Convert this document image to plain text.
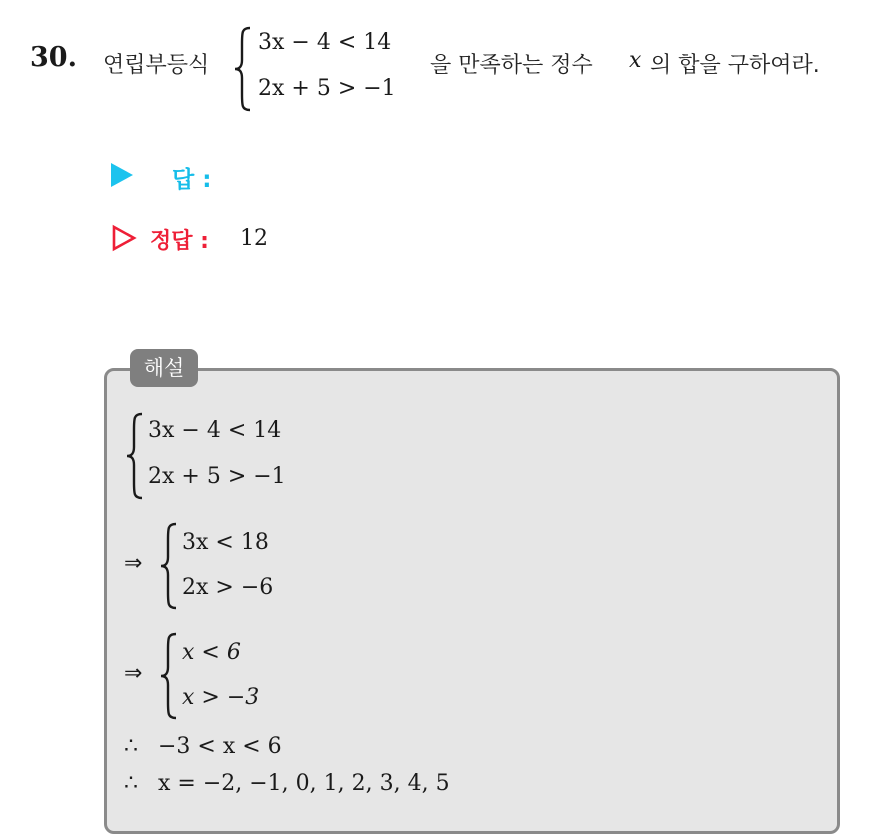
30. 연립부등식
3x − 4 < 14
2x + 5 > −1
을 만족하는 정수 x 의 합을 구하여라.
답 :
정답 : 12
해설
3x − 4 < 14
2x + 5 > −1
⇒
3x < 18
2x > −6
⇒
x < 6
x > −3
∴ −3 < x < 6
∴ x = −2, −1, 0, 1, 2, 3, 4, 5
